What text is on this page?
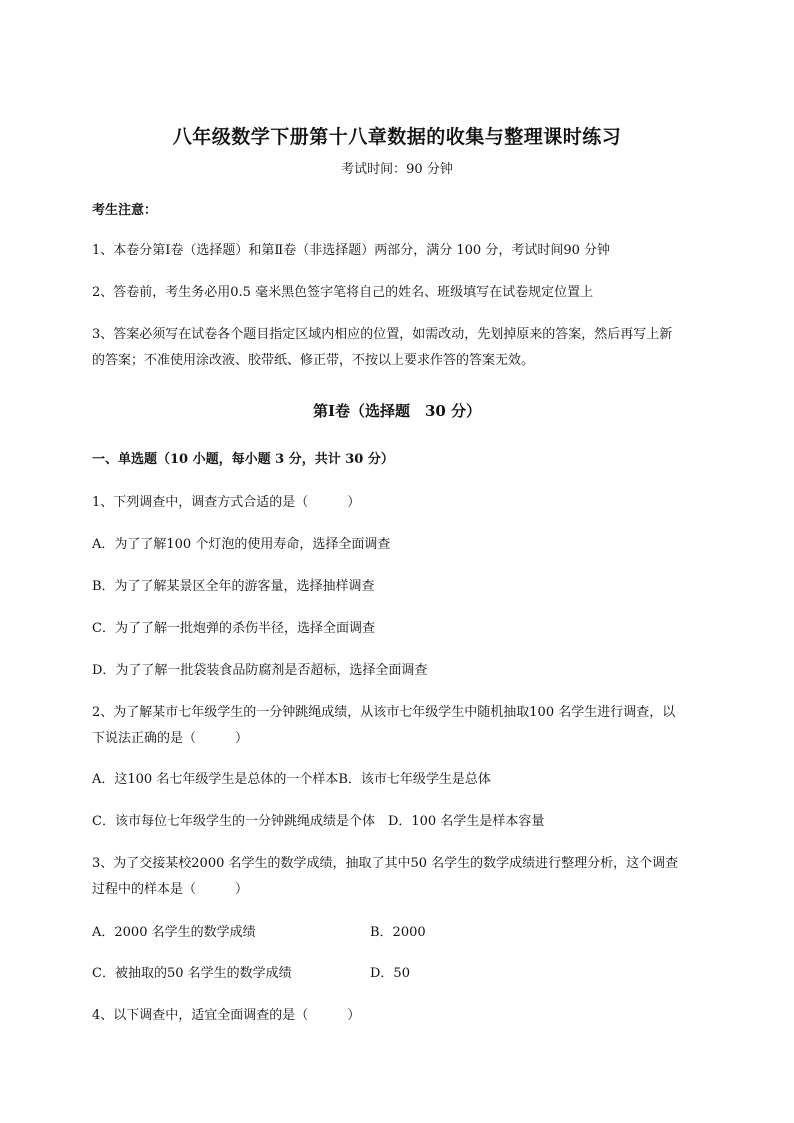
八年级数学下册第十八章数据的收集与整理课时练习
考试时间：90 分钟
考生注意：
1、本卷分第Ⅰ卷（选择题）和第Ⅱ卷（非选择题）两部分，满分 100 分，考试时间90 分钟
2、答卷前，考生务必用0.5 毫米黑色签字笔将自己的姓名、班级填写在试卷规定位置上
3、答案必须写在试卷各个题目指定区域内相应的位置，如需改动，先划掉原来的答案，然后再写上新
的答案；不准使用涂改液、胶带纸、修正带，不按以上要求作答的答案无效。
第Ⅰ卷（选择题　30 分）
一、单选题（10 小题，每小题 3 分，共计 30 分）
1、下列调查中，调查方式合适的是（　　　）
A．为了了解100 个灯泡的使用寿命，选择全面调查
B．为了了解某景区全年的游客量，选择抽样调查
C．为了了解一批炮弹的杀伤半径，选择全面调查
D．为了了解一批袋装食品防腐剂是否超标，选择全面调查
2、为了解某市七年级学生的一分钟跳绳成绩，从该市七年级学生中随机抽取100 名学生进行调查，以
下说法正确的是（　　　）
A．这100 名七年级学生是总体的一个样本B．该市七年级学生是总体
C．该市每位七年级学生的一分钟跳绳成绩是个体　D．100 名学生是样本容量
3、为了交接某校2000 名学生的数学成绩，抽取了其中50 名学生的数学成绩进行整理分析，这个调查
过程中的样本是（　　　）
A．2000 名学生的数学成绩	B．2000
C．被抽取的50 名学生的数学成绩	D．50
4、以下调查中，适宜全面调查的是（　　　）
